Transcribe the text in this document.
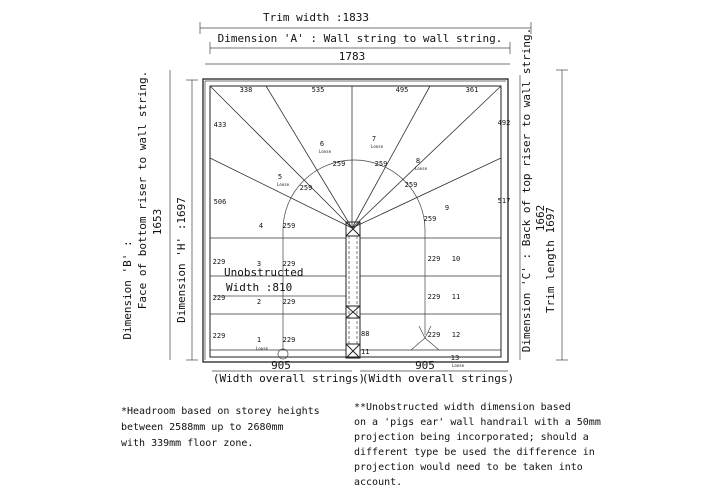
Trim width :1833
Dimension 'A' : Wall string to wall string.
1783
Dimension 'B' : Face of bottom riser to wall string. 1653 Dimension 'H' :1697	Dimension 'C' : Back of top riser to wall string. 1662
Trim length 1697
88
11
338	535	495	361
433
506
492
517
1
Loose
229
2	229
3	229
4	259
5
Loose 259
6
Loose
259
7
Loose
259	8
Loose
259
9
259
229 10
229 11
229 12
13
Loose
229
229
229
Unobstructed
Width :810
905	905
(Width overall strings)
(Width overall strings)
*Headroom based on storey heights
between 2588mm up to 2680mm
with 339mm floor zone.
**Unobstructed width dimension based
on a 'pigs ear' wall handrail with a 50mm
projection being incorporated; should a
different type be used the difference in
projection would need to be taken into
account.
